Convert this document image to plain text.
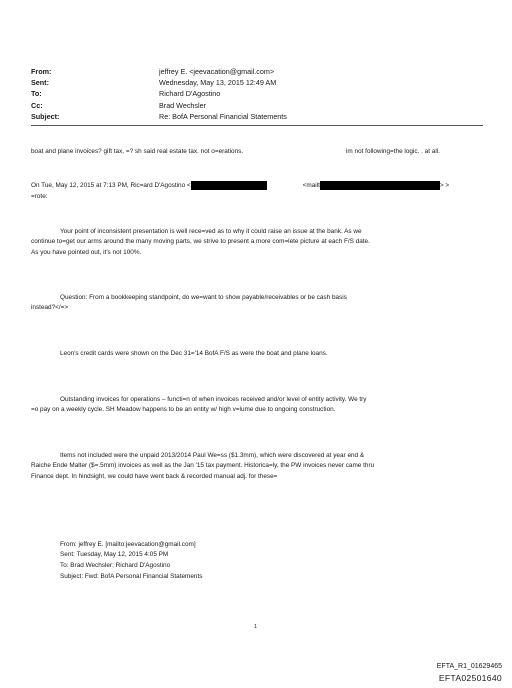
From:	jeffrey E. <jeevacation@gmail.com>
Sent:	Wednesday, May 13, 2015 12:49 AM
To:	Richard D'Agostino
Cc:	Brad Wechsler
Subject:	Re: BofA Personal Financial Statements
boat and plane invoices? gift tax, =? sh said real estate tax. not o=erations.	im not following=the logic. . at all.
On Tue, May 12, 2015 at 7:13 PM, Ric=ard D'Agostino <	<mailt	> >
=rote:
Your point of inconsistent presentation is well rece=ved as to why it could raise an issue at the bank. As we
continue to=get our arms around the many moving parts, we strive to present a more com=lete picture at each F/S date.
As you have pointed out, it's not 100%.
Question: From a bookkeeping standpoint, do we=want to show payable/receivables or be cash basis
instead?</=>
Leon's credit cards were shown on the Dec 31='14 BofA F/S as were the boat and plane loans.
Outstanding invoices for operations – functi=n of when invoices received and/or level of entity activity. We try
=o pay on a weekly cycle. SH Meadow happens to be an entity w/ high v=lume due to ongoing construction.
Items not included were the unpaid 2013/2014 Paul We=ss ($1.3mm), which were discovered at year end &
Raiche Ende Malter ($=.5mm) invoices as well as the Jan '15 tax payment. Historica=ly, the PW invoices never came thru
Finance dept. In hindsight, we could have went back & recorded manual adj. for these=
From: jeffrey E. [mailto:jeevacation@gmail.com]
Sent: Tuesday, May 12, 2015 4:05 PM
To: Brad Wechsler; Richard D'Agostino
Subject: Fwd: BofA Personal Financial Statements
1
EFTA_R1_01629465
EFTA02501640
